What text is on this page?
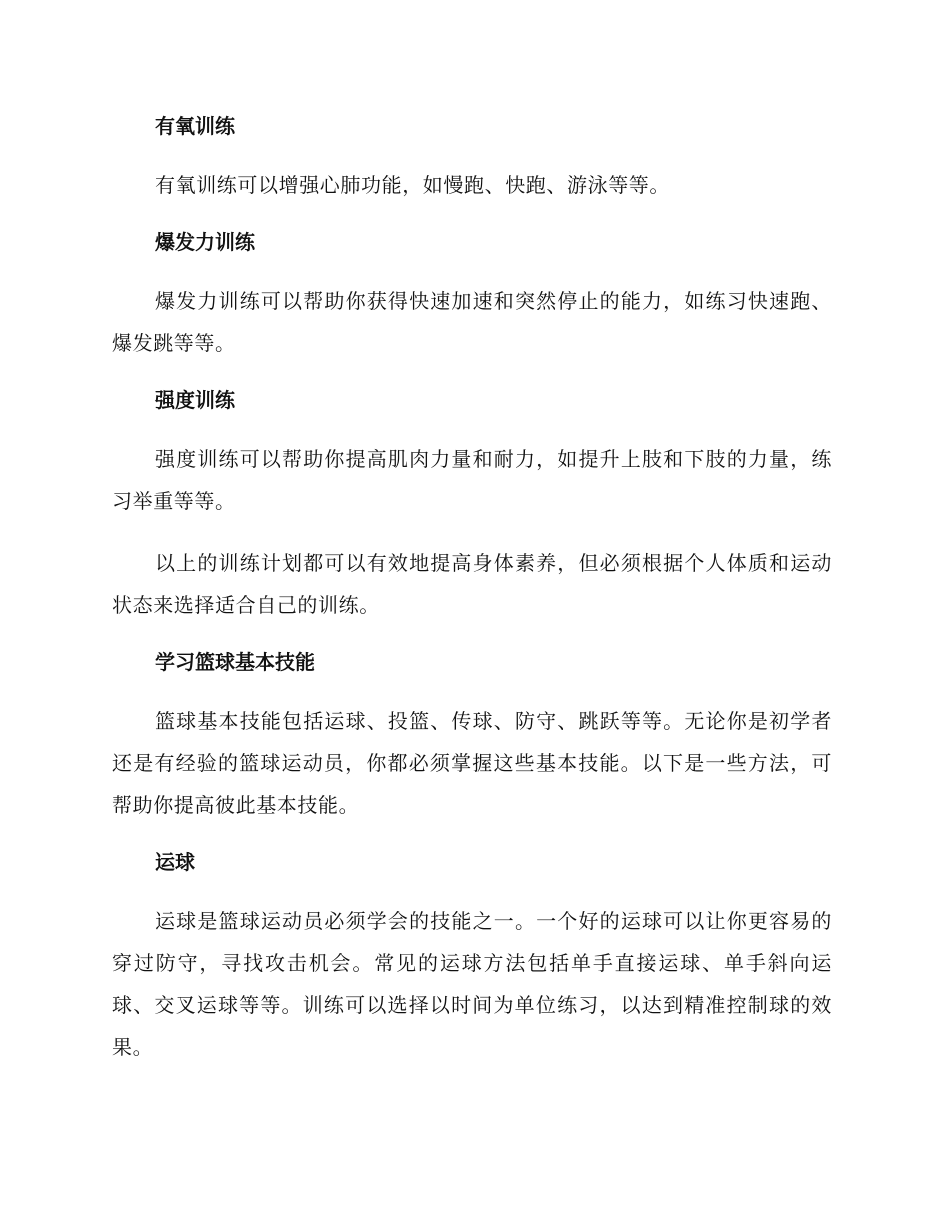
有氧训练

有氧训练可以增强心肺功能，如慢跑、快跑、游泳等等。

爆发力训练

爆发力训练可以帮助你获得快速加速和突然停止的能力，如练习快速跑、爆发跳等等。

强度训练

强度训练可以帮助你提高肌肉力量和耐力，如提升上肢和下肢的力量，练习举重等等。

以上的训练计划都可以有效地提高身体素养，但必须根据个人体质和运动状态来选择适合自己的训练。

学习篮球基本技能

篮球基本技能包括运球、投篮、传球、防守、跳跃等等。无论你是初学者还是有经验的篮球运动员，你都必须掌握这些基本技能。以下是一些方法，可帮助你提高彼此基本技能。

运球

运球是篮球运动员必须学会的技能之一。一个好的运球可以让你更容易的穿过防守，寻找攻击机会。常见的运球方法包括单手直接运球、单手斜向运球、交叉运球等等。训练可以选择以时间为单位练习，以达到精准控制球的效果。
